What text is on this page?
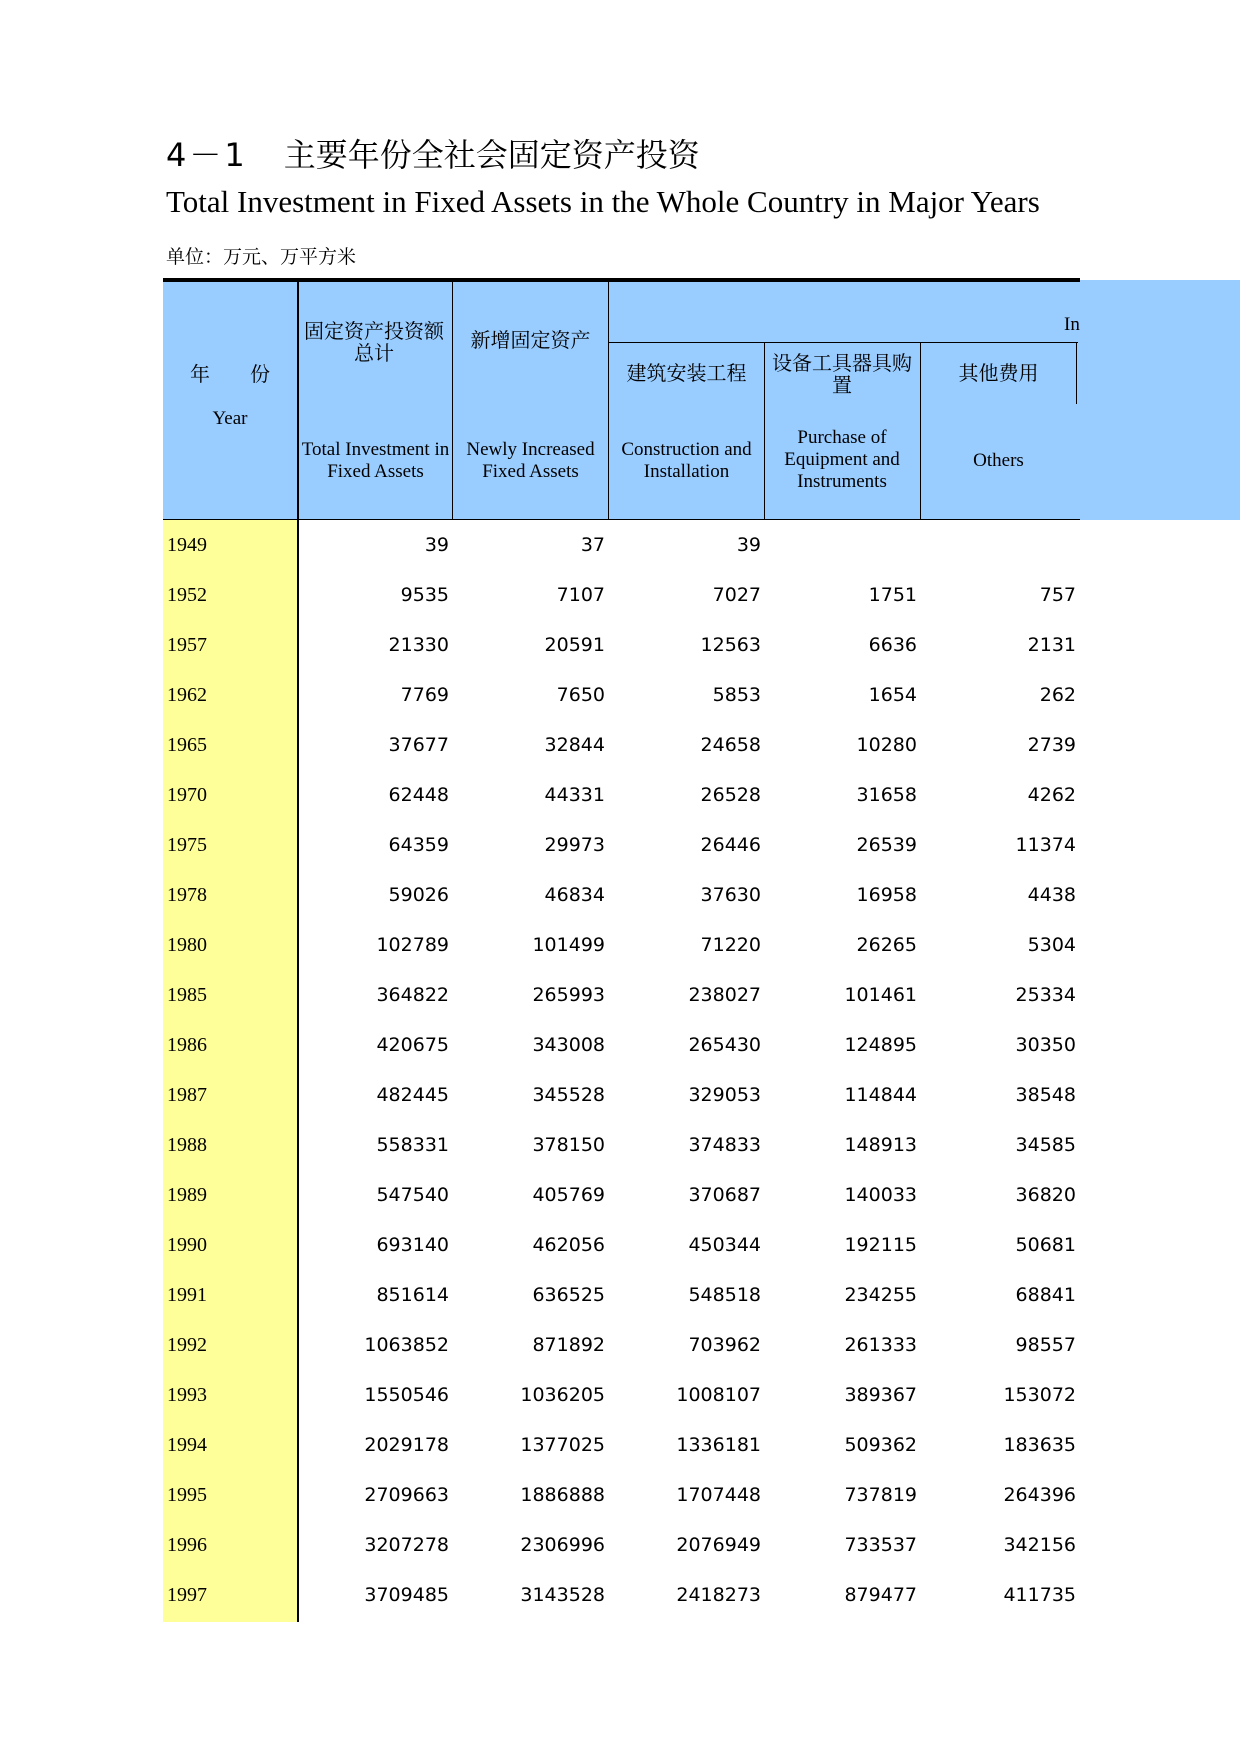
4－1 主要年份全社会固定资产投资
Total Investment in Fixed Assets in the Whole Country in Major Years
单位：万元、万平方米
年　　份
Year
固定资产投资额总计
Total Investment in Fixed Assets
新增固定资产
Newly Increased Fixed Assets
In
建筑安装工程
Construction and Installation
设备工具器具购置
Purchase of Equipment and Instruments
其他费用
Others
1949	39	37	39
1952	9535	7107	7027	1751	757
1957	21330	20591	12563	6636	2131
1962	7769	7650	5853	1654	262
1965	37677	32844	24658	10280	2739
1970	62448	44331	26528	31658	4262
1975	64359	29973	26446	26539	11374
1978	59026	46834	37630	16958	4438
1980	102789	101499	71220	26265	5304
1985	364822	265993	238027	101461	25334
1986	420675	343008	265430	124895	30350
1987	482445	345528	329053	114844	38548
1988	558331	378150	374833	148913	34585
1989	547540	405769	370687	140033	36820
1990	693140	462056	450344	192115	50681
1991	851614	636525	548518	234255	68841
1992	1063852	871892	703962	261333	98557
1993	1550546	1036205	1008107	389367	153072
1994	2029178	1377025	1336181	509362	183635
1995	2709663	1886888	1707448	737819	264396
1996	3207278	2306996	2076949	733537	342156
1997	3709485	3143528	2418273	879477	411735
